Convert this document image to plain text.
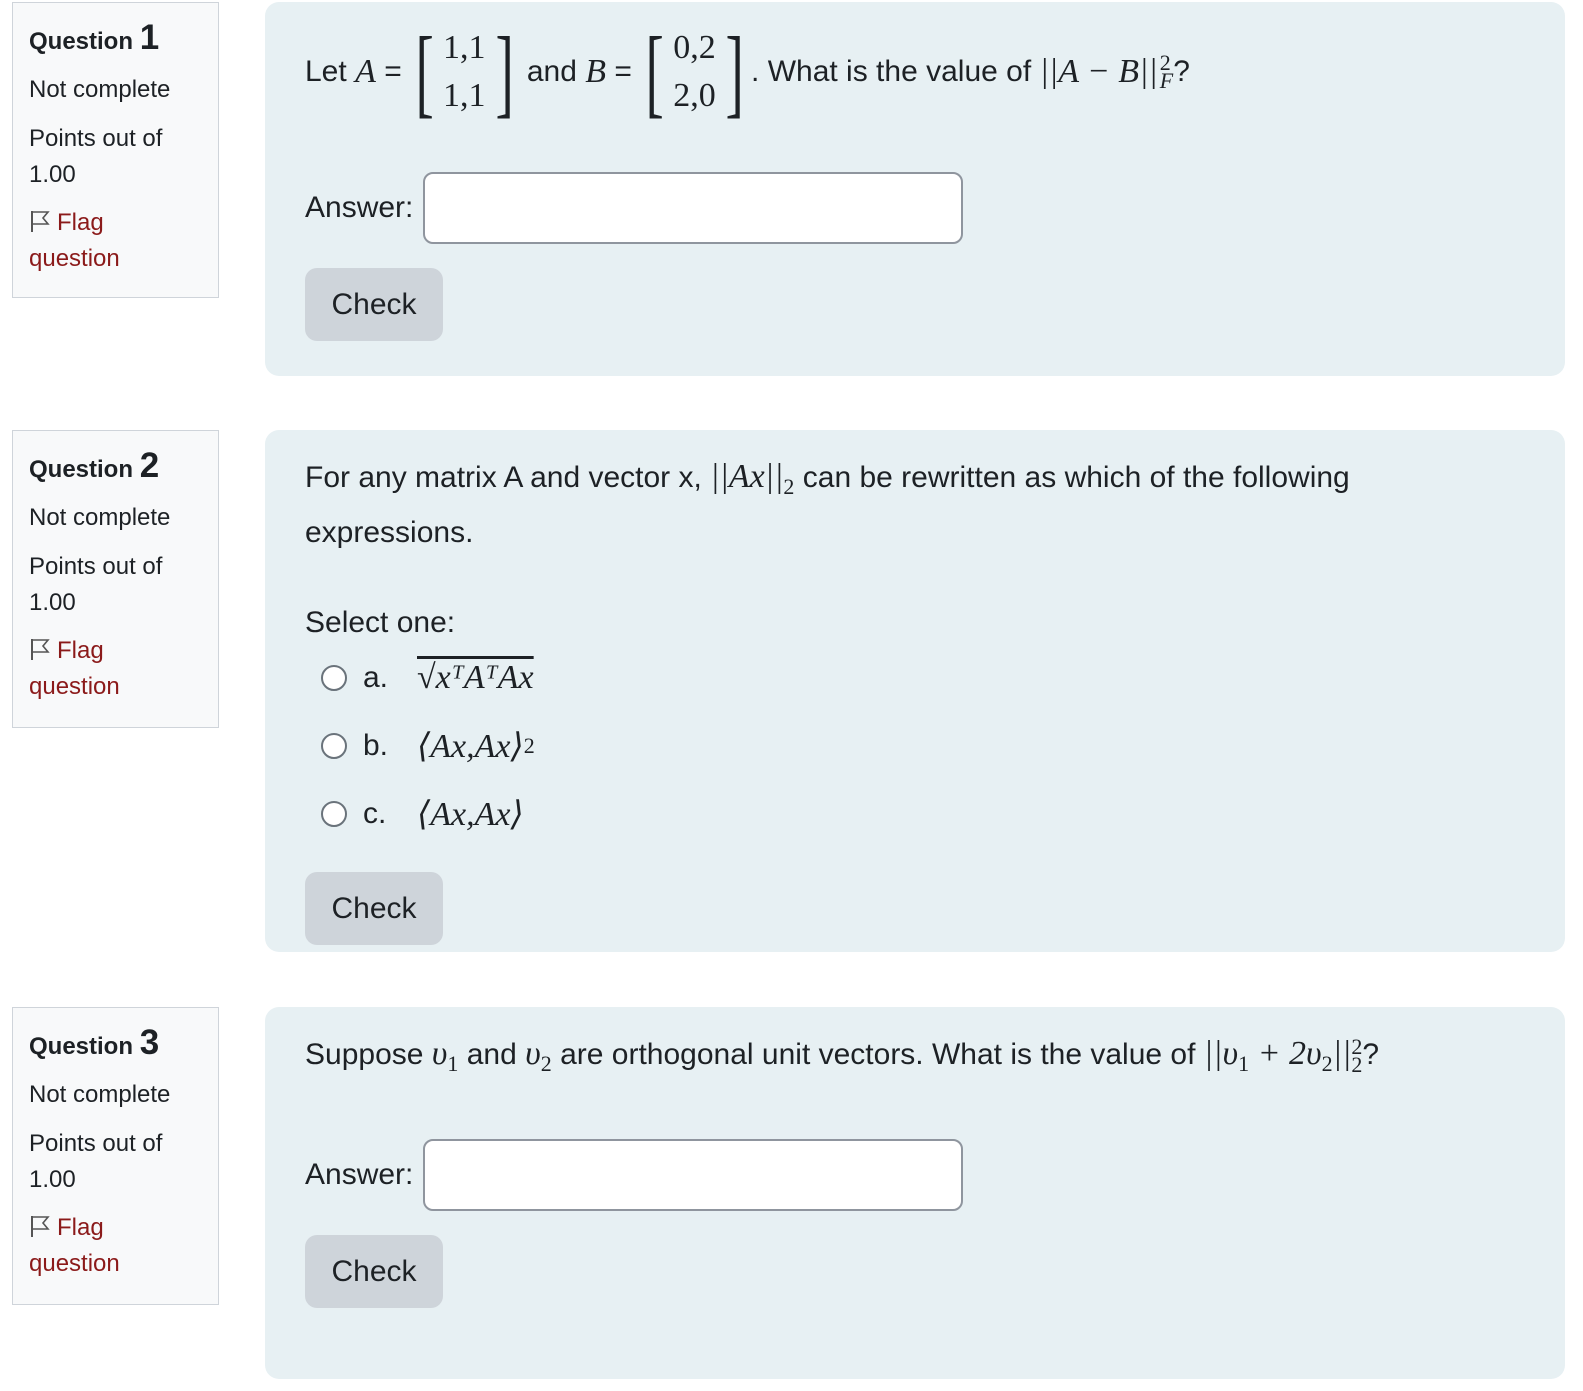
Question 1
Not complete
Points out of
1.00
Flag
question
Let
A
= [ 1,1
1,1 ] and
B
= [ 0,2
2,0 ] . What is the value of
||A − B|| 2
F ?
Answer:
Check
Question 2
Not complete
Points out of
1.00
Flag
question
For any matrix A and vector x, $||Ax||_2$ can be rewritten as which of the following
expressions.
Select one:
a. √xᵀAᵀAx
b. ⟨Ax,Ax⟩ 2
c. ⟨Ax,Ax⟩
Check
Question 3
Not complete
Points out of
1.00
Flag
question
Suppose $\upsilon_1$ and $\upsilon_2$ are orthogonal unit vectors. What is the value of $||\upsilon_1 + 2\upsilon_2||$ 2
2 ?
Answer:
Check
